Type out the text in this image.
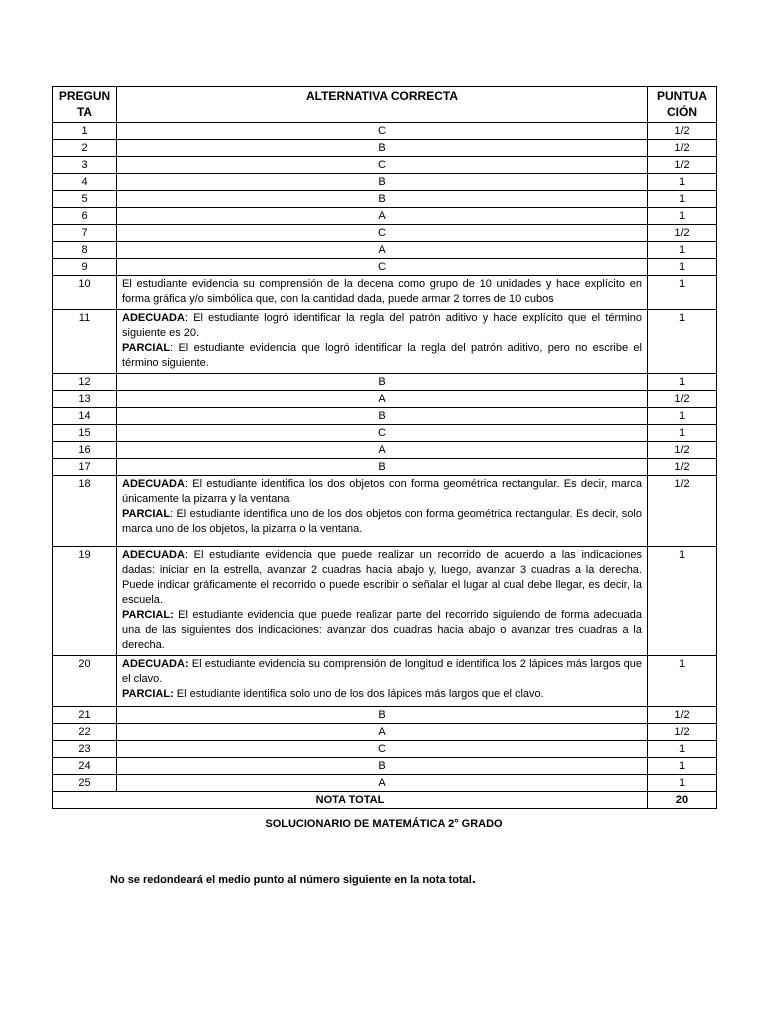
PREGUN
TA	ALTERNATIVA CORRECTA	PUNTUA
CIÓN
1	C	1/2
2	B	1/2
3	C	1/2
4	B	1
5	B	1
6	A	1
7	C	1/2
8	A	1
9	C	1
10	El estudiante evidencia su comprensión de la decena como grupo de 10 unidades y hace explícito en forma gráfica y/o simbólica que, con la cantidad dada, puede armar 2 torres de 10 cubos	1
11	ADECUADA: El estudiante logró identificar la regla del patrón aditivo y hace explícito que el término siguiente es 20.

PARCIAL: El estudiante evidencia que logró identificar la regla del patrón aditivo, pero no escribe el término siguiente.	1
12	B	1
13	A	1/2
14	B	1
15	C	1
16	A	1/2
17	B	1/2
18	ADECUADA: El estudiante identifica los dos objetos con forma geométrica rectangular. Es decir, marca únicamente la pizarra y la ventana

PARCIAL: El estudiante identifica uno de los dos objetos con forma geométrica rectangular. Es decir, solo marca uno de los objetos, la pizarra o la ventana.	1/2
19	ADECUADA: El estudiante evidencia que puede realizar un recorrido de acuerdo a las indicaciones dadas: iniciar en la estrella, avanzar 2 cuadras hacia abajo y, luego, avanzar 3 cuadras a la derecha. Puede indicar gráficamente el recorrido o puede escribir o señalar el lugar al cual debe llegar, es decir, la escuela.

PARCIAL: El estudiante evidencia que puede realizar parte del recorrido siguiendo de forma adecuada una de las siguientes dos indicaciones: avanzar dos cuadras hacia abajo o avanzar tres cuadras a la derecha.	1
20	ADECUADA: El estudiante evidencia su comprensión de longitud e identifica los 2 lápices más largos que el clavo.

PARCIAL: El estudiante identifica solo uno de los dos lápices más largos que el clavo.	1
21	B	1/2
22	A	1/2
23	C	1
24	B	1
25	A	1
NOTA TOTAL		20
SOLUCIONARIO DE MATEMÁTICA 2° GRADO
No se redondeará el medio punto al número siguiente en la nota total.
